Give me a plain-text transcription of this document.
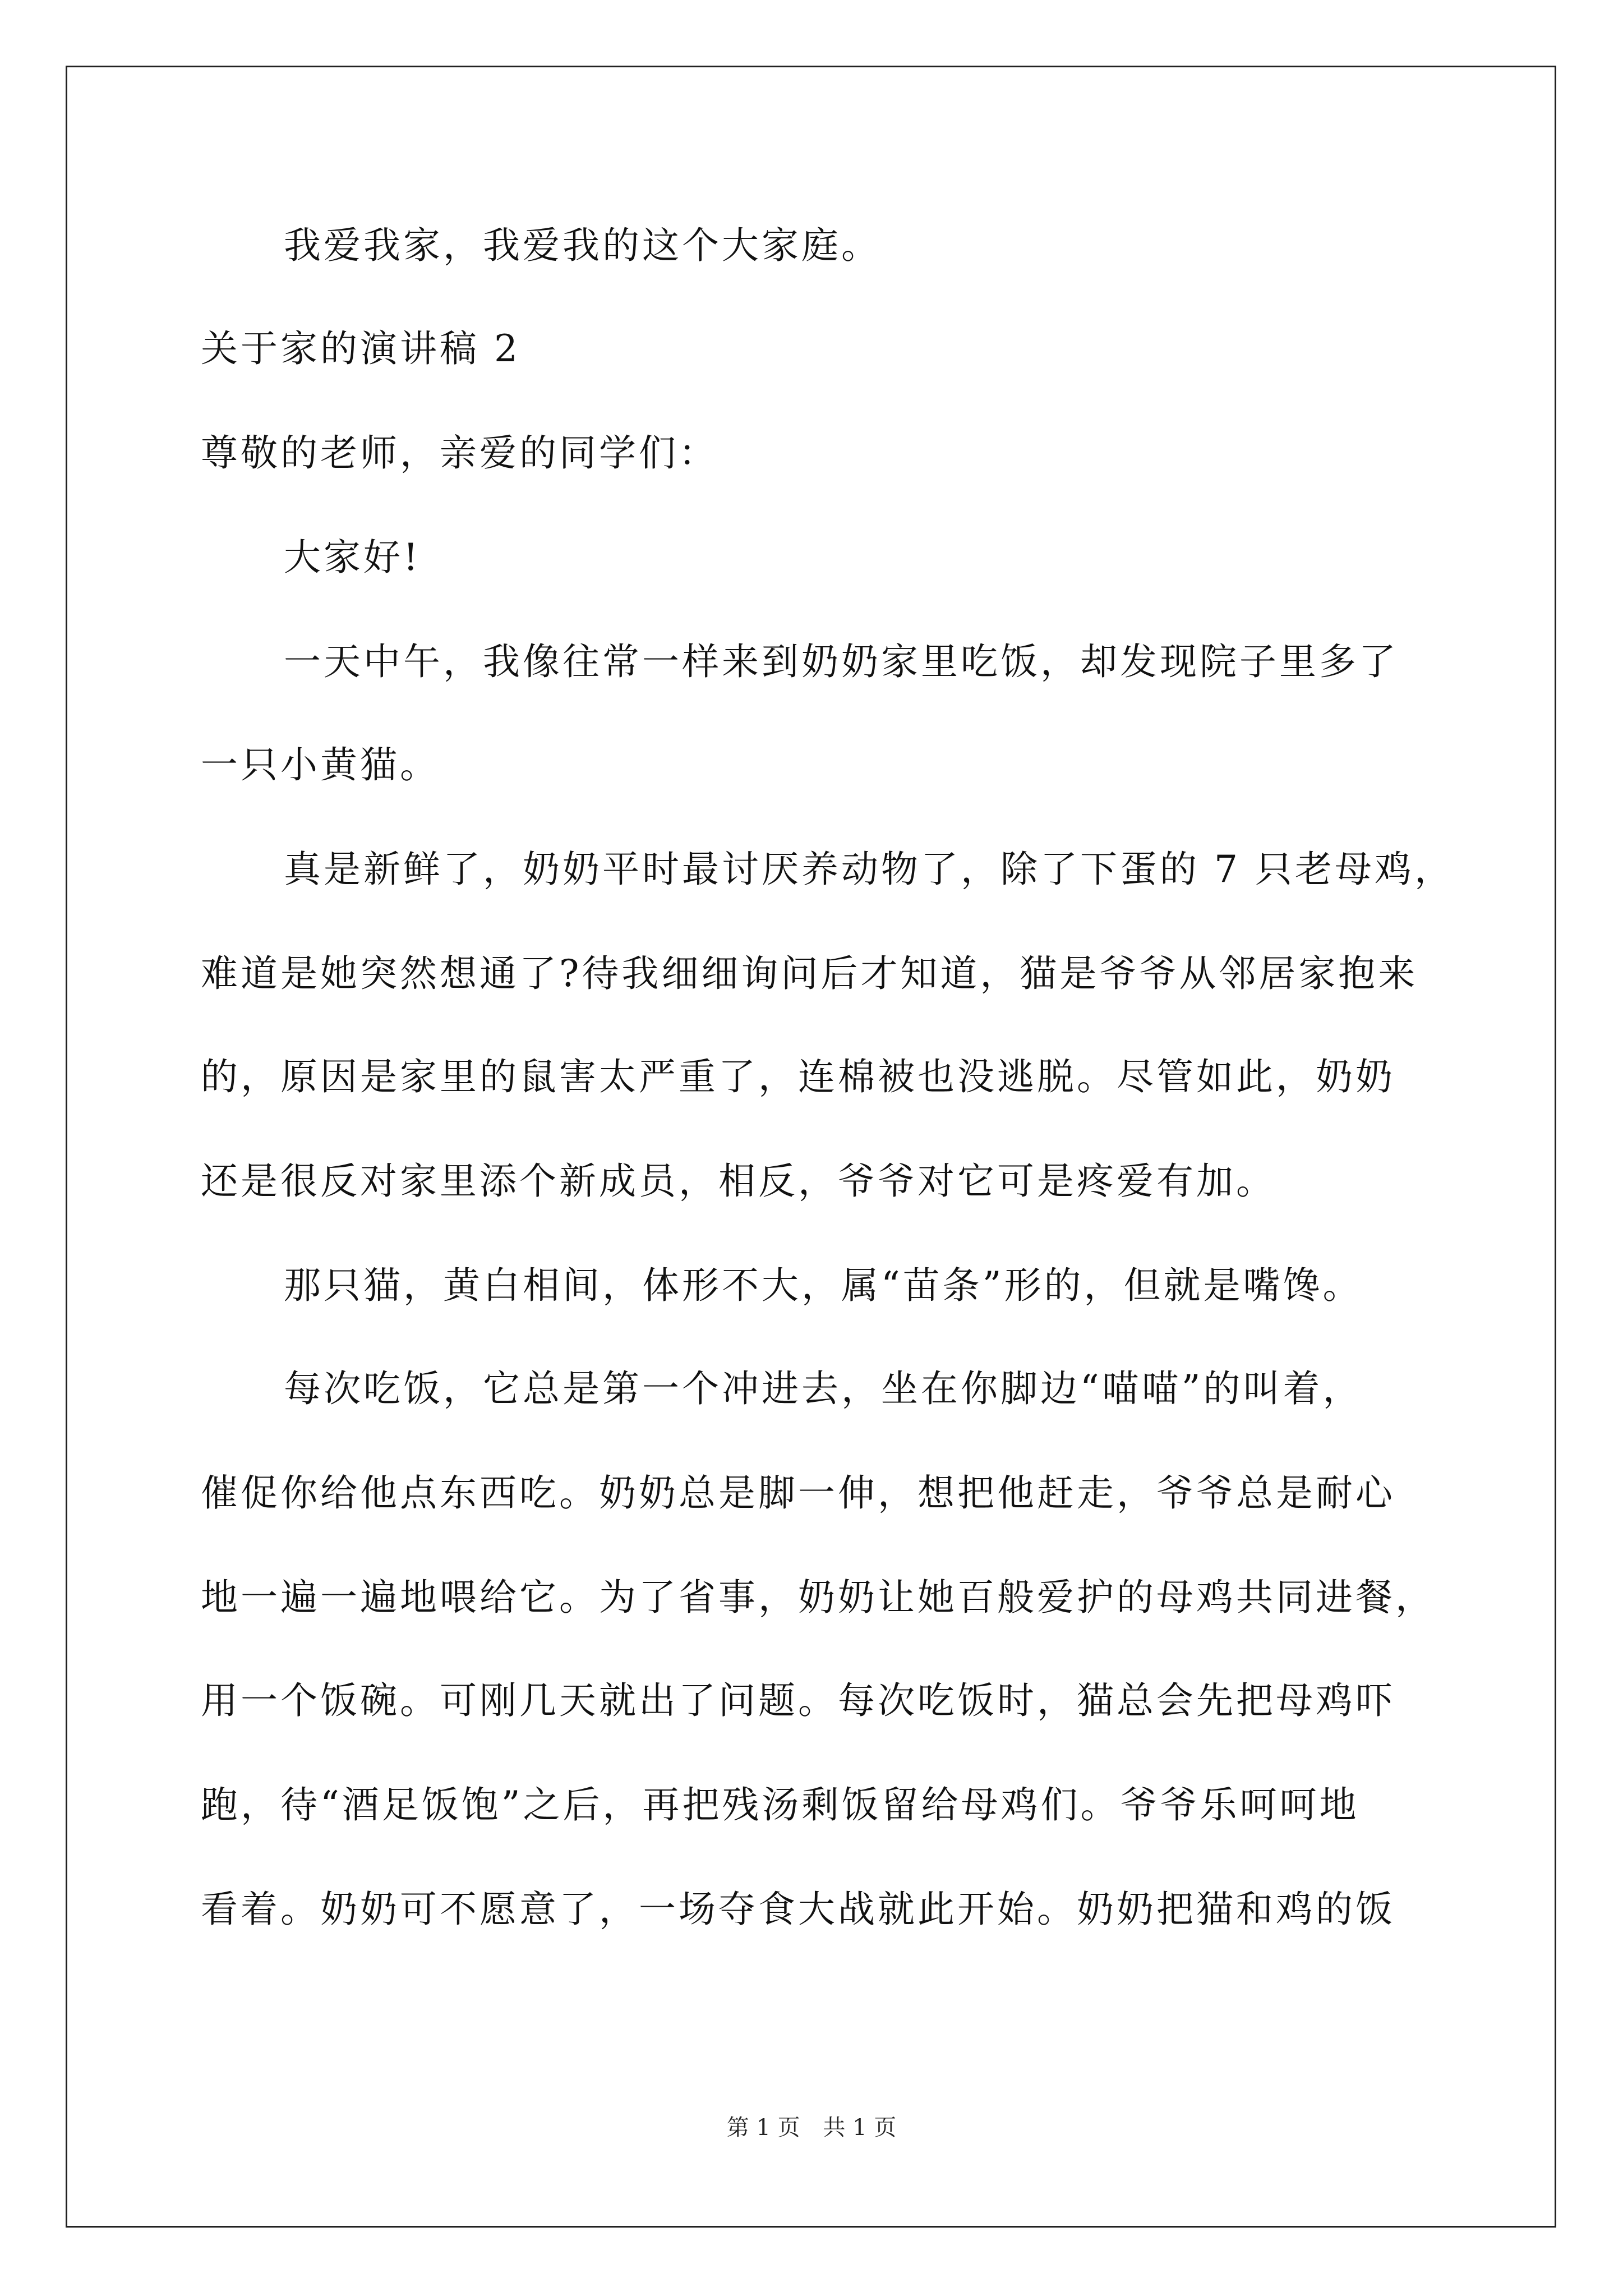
我爱我家，我爱我的这个大家庭。
关于家的演讲稿 2
尊敬的老师，亲爱的同学们：
大家好!
一天中午，我像往常一样来到奶奶家里吃饭，却发现院子里多了
一只小黄猫。
真是新鲜了，奶奶平时最讨厌养动物了，除了下蛋的 7 只老母鸡，
难道是她突然想通了?待我细细询问后才知道，猫是爷爷从邻居家抱来
的，原因是家里的鼠害太严重了，连棉被也没逃脱。尽管如此，奶奶
还是很反对家里添个新成员，相反，爷爷对它可是疼爱有加。
那只猫，黄白相间，体形不大，属“苗条”形的，但就是嘴馋。
每次吃饭，它总是第一个冲进去，坐在你脚边“喵喵”的叫着，
催促你给他点东西吃。奶奶总是脚一伸，想把他赶走，爷爷总是耐心
地一遍一遍地喂给它。为了省事，奶奶让她百般爱护的母鸡共同进餐，
用一个饭碗。可刚几天就出了问题。每次吃饭时，猫总会先把母鸡吓
跑，待“酒足饭饱”之后，再把残汤剩饭留给母鸡们。爷爷乐呵呵地
看着。奶奶可不愿意了，一场夺食大战就此开始。奶奶把猫和鸡的饭
第 1 页 共 1 页
